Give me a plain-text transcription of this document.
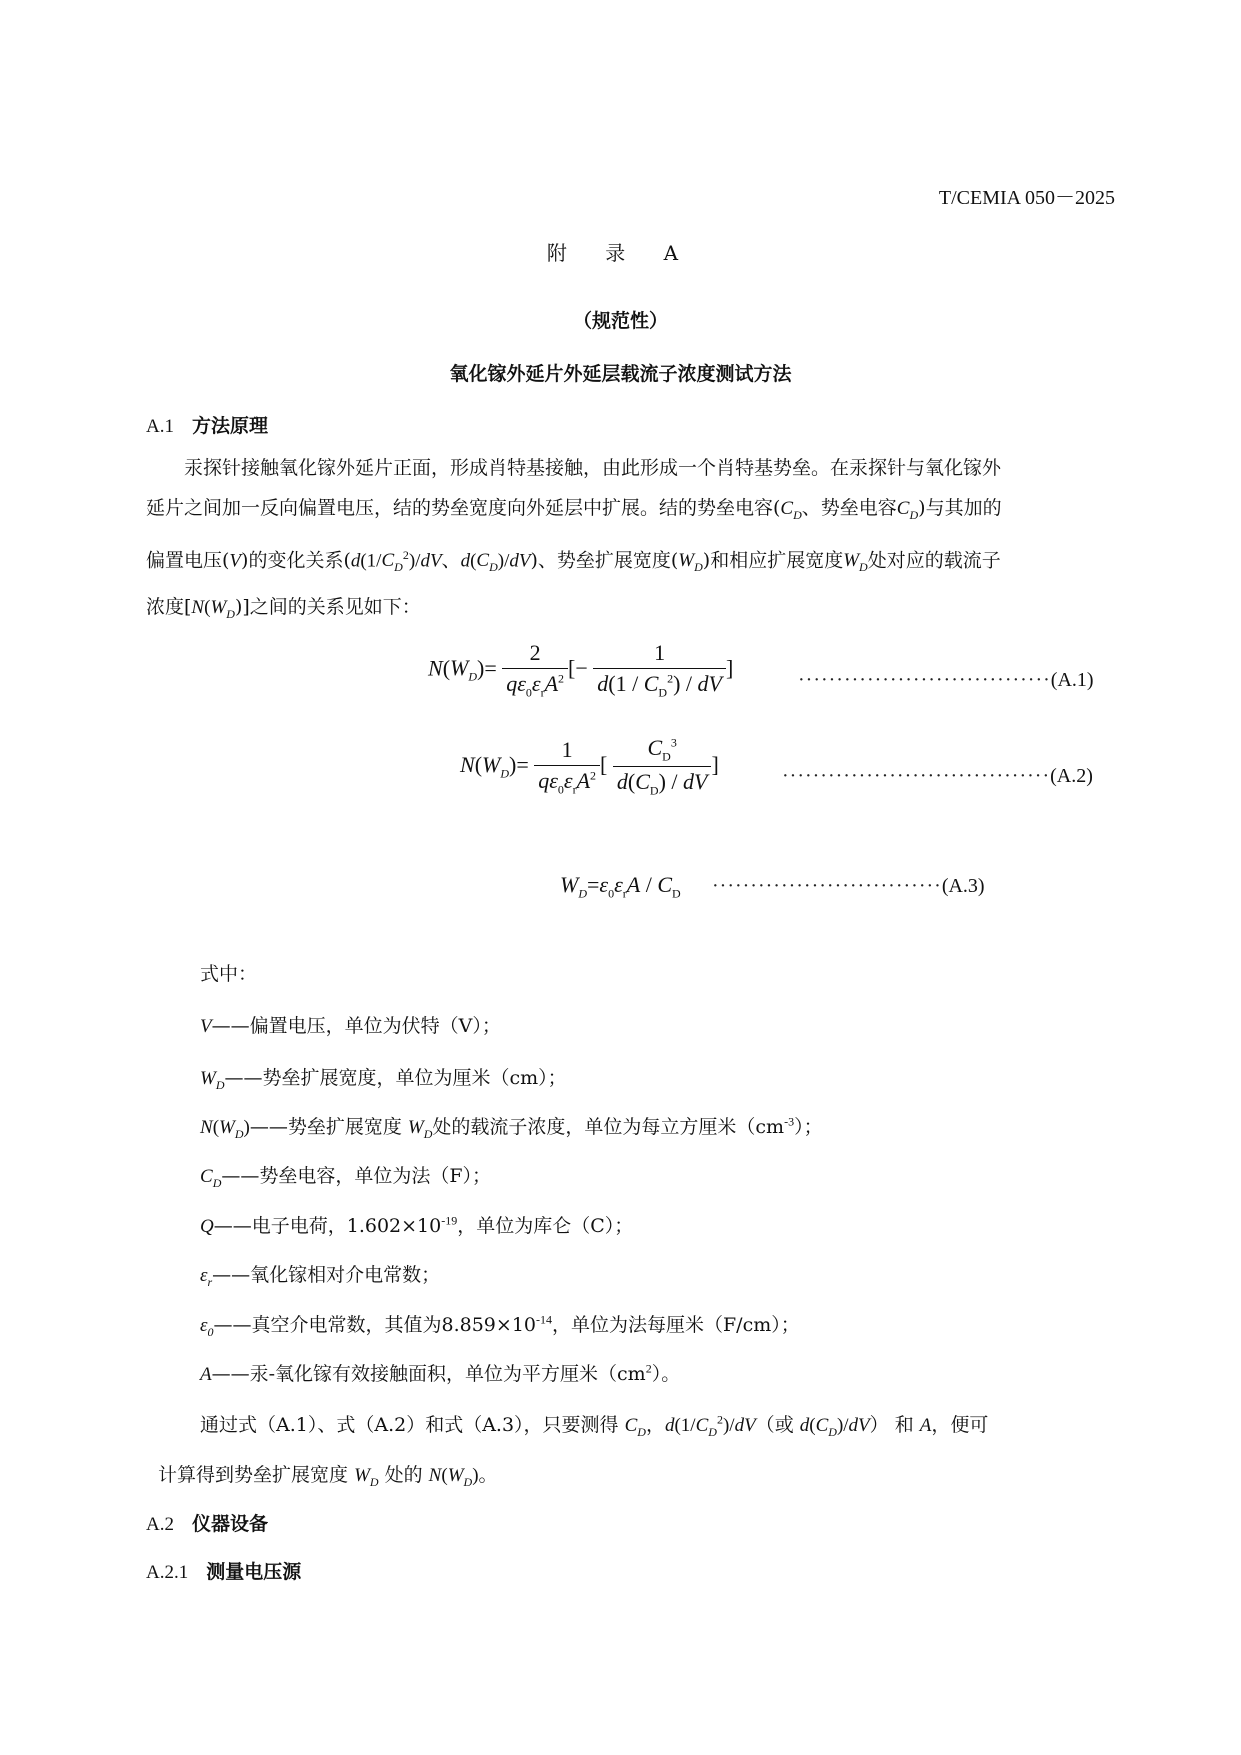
T/CEMIA 050－2025
附 录 A
（规范性）
氧化镓外延片外延层载流子浓度测试方法
A.1 方法原理

汞探针接触氧化镓外延片正面，形成肖特基接触，由此形成一个肖特基势垒。在汞探针与氧化镓外

延片之间加一反向偏置电压，结的势垒宽度向外延层中扩展。结的势垒电容($C_D$、势垒电容$C_D$)与其加的

偏置电压(V)的变化关系($d(1/C_D^2)/dV$、$d(C_D)/dV$)、势垒扩展宽度$(W_D)$和相应扩展宽度$W_D$处对应的载流子

浓度$[N(W_D)]$之间的关系见如下：

$N(W_D)= \frac{2}{q\varepsilon_0\varepsilon_rA^2}$ [− $\frac{1}{d(1 / C_D^2) / dV}$ ]	·································(A.1)
$N(W_D)= \frac{1}{q\varepsilon_0\varepsilon_rA^2}$ [ $\frac{C_D^3}{d(C_D) / dV}$ ]	···································(A.2)
$W_D=\varepsilon_0\varepsilon_rA / C_D \cdot\cdot\cdot\cdot\cdot\cdot\cdot\cdot\cdot\cdot\cdot\cdot\cdot\cdot\cdot\cdot\cdot\cdot\cdot\cdot\cdot\cdot\cdot\cdot\cdot\cdot\cdot\cdot\cdot\cdot(A.3)$
式中：
V——偏置电压，单位为伏特（V）；
$W_D——$势垒扩展宽度，单位为厘米（cm）；
$N(W_D)——$势垒扩展宽度 $W_D$处的载流子浓度，单位为每立方厘米$(cm^{-3})$；
$C_D——$势垒电容，单位为法（F）；
Q——电子电荷，$1.602\times 10^{-19}$，单位为库仑（C）；
$\varepsilon_r——$氧化镓相对介电常数；
$\varepsilon_0——$真空介电常数，其值为$8.859\times 10^{-14}$，单位为法每厘米（F/cm）；
A——汞-氧化镓有效接触面积，单位为平方厘米$(cm^2)$。
通过式（A.1）、式（A.2）和式（A.3），只要测得 $C_D$，$d(1/C_D^2)/dV$（或 $d(C_D)/dV$） 和 A，便可
计算得到势垒扩展宽度 $W_D$ 处的 $N(W_D)$。
A.2 仪器设备
A.2.1 测量电压源
